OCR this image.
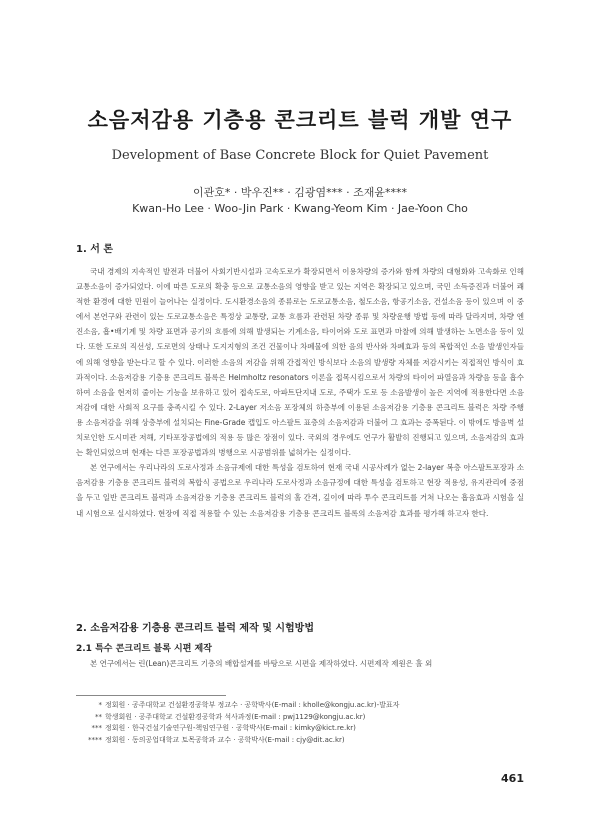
소음저감용 기층용 콘크리트 블럭 개발 연구
Development of Base Concrete Block for Quiet Pavement
이관호* · 박우진** · 김광염*** · 조재윤****
Kwan-Ho Lee · Woo-Jin Park · Kwang-Yeom Kim · Jae-Yoon Cho
1. 서 론

국내 경제의 지속적인 발전과 더불어 사회기반시설과 고속도로가 확장되면서 이용차량의 증가와 함께 차량의 대형화와 고속화로 인해 교통소음이 증가되었다. 이에 따른 도로의 확충 등으로 교통소음의 영향을 받고 있는 지역은 확장되고 있으며, 국민 소득증진과 더불어 쾌적한 환경에 대한 민원이 늘어나는 실정이다. 도시환경소음의 종류로는 도로교통소음, 철도소음, 항공기소음, 건설소음 등이 있으며 이 중에서 본연구와 관련이 있는 도로교통소음은 특정상 교통량, 교통 흐름과 관련된 차량 종류 및 차량운행 방법 등에 따라 달라지며, 차량 엔진소음, 흡•배기계 및 차량 표면과 공기의 흐름에 의해 발생되는 기계소음, 타이어와 도로 표면과 마찰에 의해 발생하는 노면소음 등이 있다. 또한 도로의 직선성, 도로면의 상태나 도지지형의 조건 건물이나 차폐물에 의한 음의 반사와 차폐효과 등의 복합적인 소음 발생인자들에 의해 영향을 받는다고 할 수 있다. 이러한 소음의 저감을 위해 간접적인 방식보다 소음의 발생량 자체를 저감시키는 직접적인 방식이 효과적이다. 소음저감용 기층용 콘크리트 블록은 Helmholtz resonators 이론을 접목시킴으로서 차량의 타이어 파열음과 차량음 등을 흡수하여 소음을 현저히 줄이는 기능을 보유하고 있어 접속도로, 아파트단지내 도로, 주택가 도로 등 소음발생이 높은 지역에 적용한다면 소음저감에 대한 사회적 요구를 충족시킬 수 있다. 2-Layer 저소음 포장체의 하층부에 이용된 소음저감용 기층용 콘크리트 블럭은 차량 주행용 소음저감을 위해 상층부에 설치되는 Fine-Grade 캡입도 아스팔트 표층의 소음저감과 더불어 그 효과는 증폭된다. 이 밖에도 방음벽 설치로인한 도시미관 저해, 기타포장공법에의 적용 등 많은 장점이 있다. 국외의 경우에도 연구가 활발히 진행되고 있으며, 소음저감의 효과는 확인되었으며 현재는 다른 포장공법과의 병행으로 시공범위를 넓혀가는 실정이다.

본 연구에서는 우리나라의 도로사정과 소음규제에 대한 특성을 검토하여 현재 국내 시공사례가 없는 2-layer 복층 아스팔트포장과 소음저감용 기층용 콘크리트 블럭의 복합식 공법으로 우리나라 도로사정과 소음규정에 대한 특성을 검토하고 현장 적용성, 유지관리에 중점을 두고 일반 콘크리트 블럭과 소음저감용 기층용 콘크리트 블럭의 홀 간격, 깊이에 따라 투수 콘크리트를 거쳐 나오는 흡음효과 시험을 실내 시험으로 실시하였다. 현장에 직접 적용할 수 있는 소음저감용 기층용 콘크리트 블록의 소음저감 효과를 평가해 하고자 한다.

2. 소음저감용 기층용 콘크리트 블럭 제작 및 시험방법
2.1 특수 콘크리트 블록 시편 제작

본 연구에서는 린(Lean)콘크리트 기층의 배합설계를 바탕으로 시편을 제작하였다. 시편제작 제원은 홀 외

* 정회원 · 공주대학교 건설환경공학부 정교수 · 공학박사(E-mail : kholle@kongju.ac.kr)-발표자
** 학생회원 · 공주대학교 건설환경공학과 석사과정(E-mail : pwj1129@kongju.ac.kr)
*** 정회원 · 한국건설기술연구원-책임연구원 · 공학박사(E-mail : kimky@kict.re.kr)
**** 정회원 · 동의공업대학교 토목공학과 교수 · 공학박사(E-mail : cjy@dit.ac.kr)
461
